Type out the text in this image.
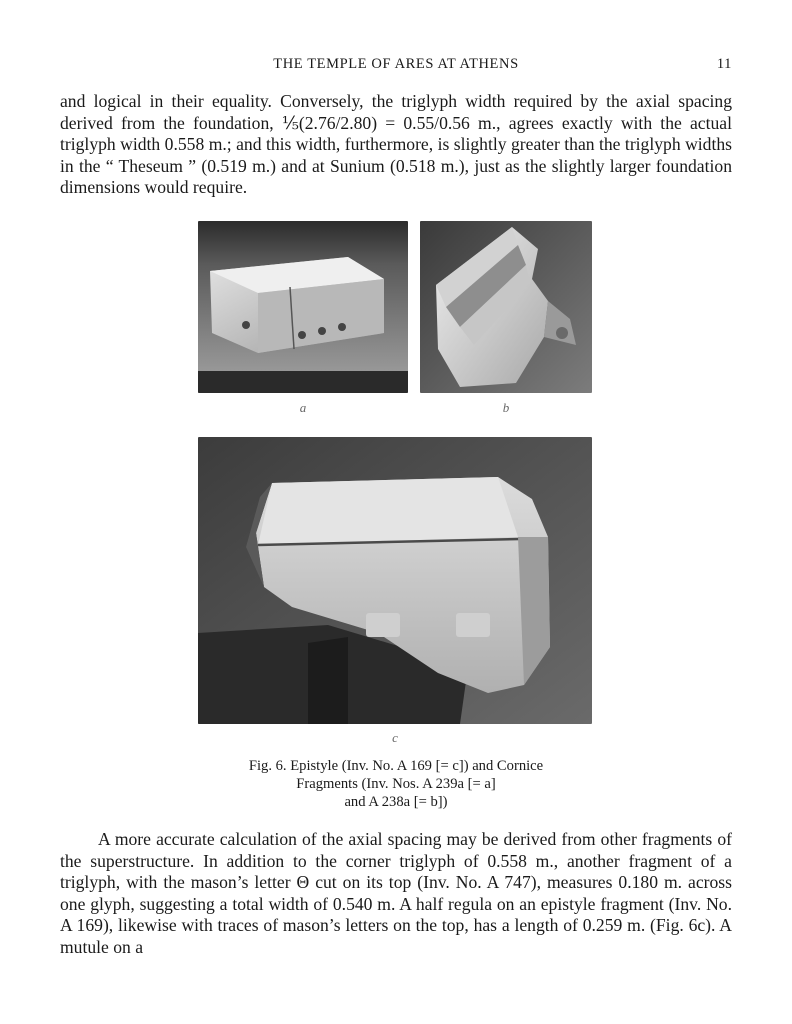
THE TEMPLE OF ARES AT ATHENS	11

and logical in their equality. Conversely, the triglyph width required by the axial spacing derived from the foundation, ⅕(2.76/2.80) = 0.55/0.56 m., agrees exactly with the actual triglyph width 0.558 m.; and this width, furthermore, is slightly greater than the triglyph widths in the “ Theseum ” (0.519 m.) and at Sunium (0.518 m.), just as the slightly larger foundation dimensions would require.

a	b
c
Fig. 6. Epistyle (Inv. No. A 169 [= c]) and Cornice
Fragments (Inv. Nos. A 239a [= a]
and A 238a [= b])

A more accurate calculation of the axial spacing may be derived from other fragments of the superstructure. In addition to the corner triglyph of 0.558 m., another fragment of a triglyph, with the mason’s letter Θ cut on its top (Inv. No. A 747), measures 0.180 m. across one glyph, suggesting a total width of 0.540 m. A half regula on an epistyle fragment (Inv. No. A 169), likewise with traces of mason’s letters on the top, has a length of 0.259 m. (Fig. 6c). A mutule on a
